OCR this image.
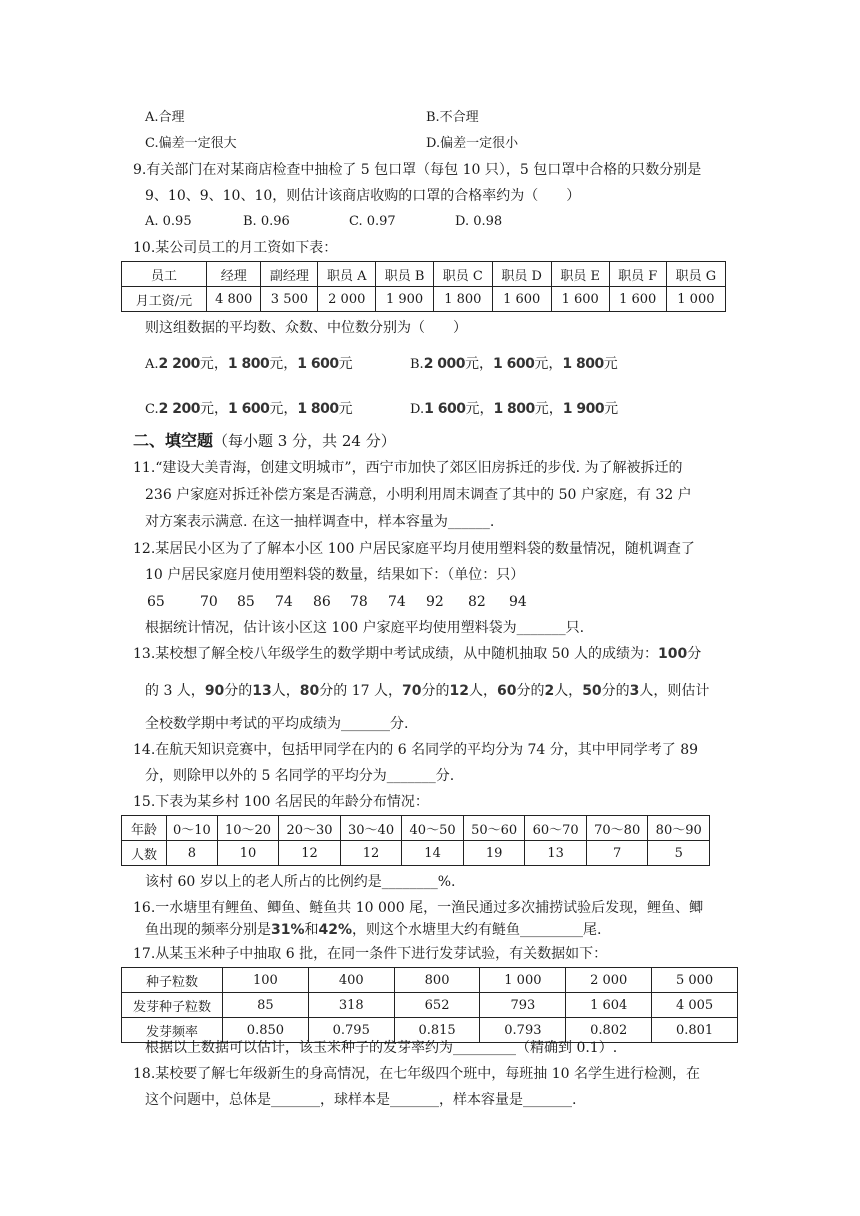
A.合理	B.不合理
C.偏差一定很大	D.偏差一定很小
9.有关部门在对某商店检查中抽检了 5 包口罩（每包 10 只），5 包口罩中合格的只数分别是
9、10、9、10、10，则估计该商店收购的口罩的合格率约为（　　）
A. 0.95	B. 0.96	C. 0.97	D. 0.98
10.某公司员工的月工资如下表：
员工	经理	副经理	职员 A	职员 B	职员 C	职员 D	职员 E	职员 F	职员 G
月工资/元	4 800	3 500	2 000	1 900	1 800	1 600	1 600	1 600	1 000
则这组数据的平均数、众数、中位数分别为（　　）
A.2 200元，1 800元，1 600元	B.2 000元，1 600元，1 800元
C.2 200元，1 600元，1 800元	D.1 600元，1 800元，1 900元
二、填空题（每小题 3 分，共 24 分）
11.“建设大美青海，创建文明城市”，西宁市加快了郊区旧房拆迁的步伐. 为了解被拆迁的
236 户家庭对拆迁补偿方案是否满意，小明利用周末调查了其中的 50 户家庭，有 32 户
对方案表示满意. 在这一抽样调查中，样本容量为______.
12.某居民小区为了了解本小区 100 户居民家庭平均月使用塑料袋的数量情况，随机调查了
10 户居民家庭月使用塑料袋的数量，结果如下：（单位：只）
65	70 85 74 86 78 74 92 82 94
根据统计情况，估计该小区这 100 户家庭平均使用塑料袋为_______只.
13.某校想了解全校八年级学生的数学期中考试成绩，从中随机抽取 50 人的成绩为：100分
的 3 人，90分的13人，80分的 17 人，70分的12人，60分的2人，50分的3人，则估计
全校数学期中考试的平均成绩为_______分.
14.在航天知识竞赛中，包括甲同学在内的 6 名同学的平均分为 74 分，其中甲同学考了 89
分，则除甲以外的 5 名同学的平均分为_______分.
15.下表为某乡村 100 名居民的年龄分布情况：
年龄	0～10	10～20	20～30	30～40	40～50	50～60	60～70	70～80	80～90
人数	8	10	12	12	14	19	13	7	5
该村 60 岁以上的老人所占的比例约是________%.
16.一水塘里有鲤鱼、鲫鱼、鲢鱼共 10 000 尾，一渔民通过多次捕捞试验后发现，鲤鱼、鲫
鱼出现的频率分别是31%和42%，则这个水塘里大约有鲢鱼_________尾.
17.从某玉米种子中抽取 6 批，在同一条件下进行发芽试验，有关数据如下：
种子粒数	100	400	800	1 000	2 000	5 000
发芽种子粒数	85	318	652	793	1 604	4 005
发芽频率	0.850	0.795	0.815	0.793	0.802	0.801
根据以上数据可以估计，该玉米种子的发芽率约为_________（精确到 0.1）.
18.某校要了解七年级新生的身高情况，在七年级四个班中，每班抽 10 名学生进行检测，在
这个问题中，总体是_______，球样本是_______，样本容量是_______.
